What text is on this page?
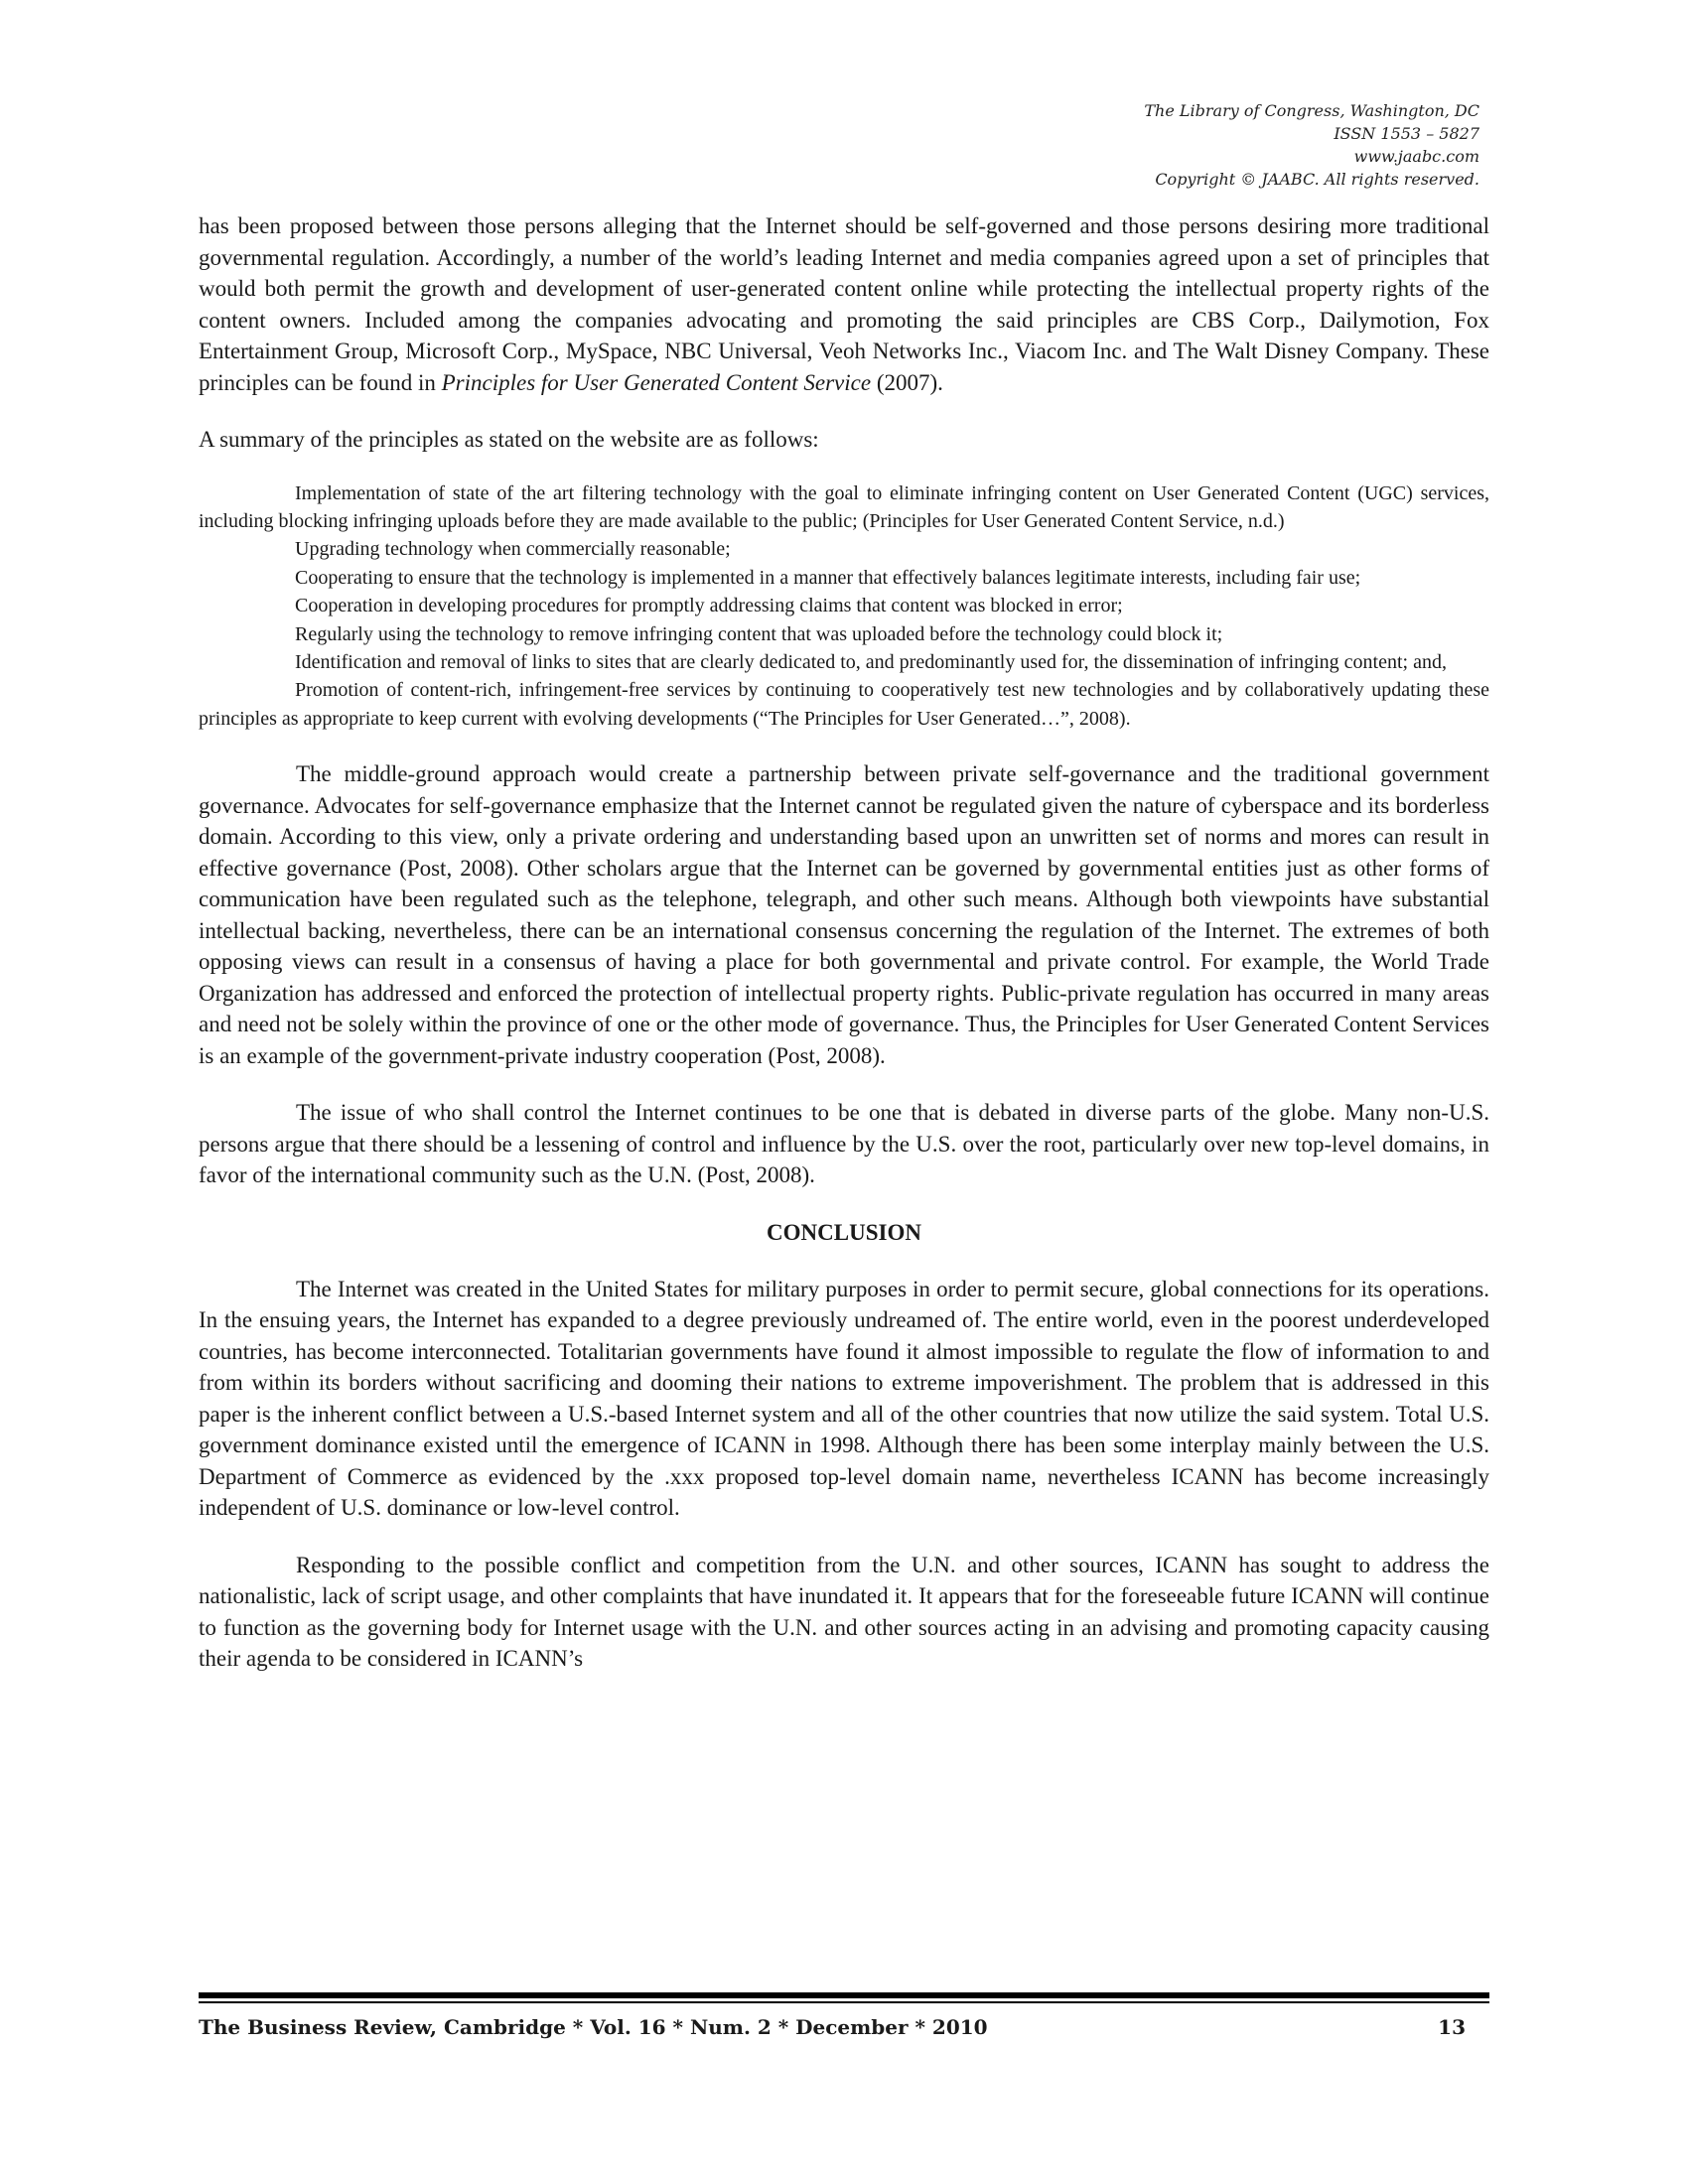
The Library of Congress, Washington, DC
ISSN 1553 – 5827
www.jaabc.com
Copyright © JAABC. All rights reserved.

has been proposed between those persons alleging that the Internet should be self-governed and those persons desiring more traditional governmental regulation. Accordingly, a number of the world’s leading Internet and media companies agreed upon a set of principles that would both permit the growth and development of user-generated content online while protecting the intellectual property rights of the content owners. Included among the companies advocating and promoting the said principles are CBS Corp., Dailymotion, Fox Entertainment Group, Microsoft Corp., MySpace, NBC Universal, Veoh Networks Inc., Viacom Inc. and The Walt Disney Company. These principles can be found in Principles for User Generated Content Service (2007).

A summary of the principles as stated on the website are as follows:

Implementation of state of the art filtering technology with the goal to eliminate infringing content on User Generated Content (UGC) services, including blocking infringing uploads before they are made available to the public; (Principles for User Generated Content Service, n.d.)

Upgrading technology when commercially reasonable;

Cooperating to ensure that the technology is implemented in a manner that effectively balances legitimate interests, including fair use;

Cooperation in developing procedures for promptly addressing claims that content was blocked in error;

Regularly using the technology to remove infringing content that was uploaded before the technology could block it;

Identification and removal of links to sites that are clearly dedicated to, and predominantly used for, the dissemination of infringing content; and,

Promotion of content-rich, infringement-free services by continuing to cooperatively test new technologies and by collaboratively updating these principles as appropriate to keep current with evolving developments (“The Principles for User Generated…”, 2008).

The middle-ground approach would create a partnership between private self-governance and the traditional government governance. Advocates for self-governance emphasize that the Internet cannot be regulated given the nature of cyberspace and its borderless domain. According to this view, only a private ordering and understanding based upon an unwritten set of norms and mores can result in effective governance (Post, 2008). Other scholars argue that the Internet can be governed by governmental entities just as other forms of communication have been regulated such as the telephone, telegraph, and other such means. Although both viewpoints have substantial intellectual backing, nevertheless, there can be an international consensus concerning the regulation of the Internet. The extremes of both opposing views can result in a consensus of having a place for both governmental and private control. For example, the World Trade Organization has addressed and enforced the protection of intellectual property rights. Public-private regulation has occurred in many areas and need not be solely within the province of one or the other mode of governance. Thus, the Principles for User Generated Content Services is an example of the government-private industry cooperation (Post, 2008).

The issue of who shall control the Internet continues to be one that is debated in diverse parts of the globe. Many non-U.S. persons argue that there should be a lessening of control and influence by the U.S. over the root, particularly over new top-level domains, in favor of the international community such as the U.N. (Post, 2008).

CONCLUSION

The Internet was created in the United States for military purposes in order to permit secure, global connections for its operations. In the ensuing years, the Internet has expanded to a degree previously undreamed of. The entire world, even in the poorest underdeveloped countries, has become interconnected. Totalitarian governments have found it almost impossible to regulate the flow of information to and from within its borders without sacrificing and dooming their nations to extreme impoverishment. The problem that is addressed in this paper is the inherent conflict between a U.S.-based Internet system and all of the other countries that now utilize the said system. Total U.S. government dominance existed until the emergence of ICANN in 1998. Although there has been some interplay mainly between the U.S. Department of Commerce as evidenced by the .xxx proposed top-level domain name, nevertheless ICANN has become increasingly independent of U.S. dominance or low-level control.

Responding to the possible conflict and competition from the U.N. and other sources, ICANN has sought to address the nationalistic, lack of script usage, and other complaints that have inundated it. It appears that for the foreseeable future ICANN will continue to function as the governing body for Internet usage with the U.N. and other sources acting in an advising and promoting capacity causing their agenda to be considered in ICANN’s

The Business Review, Cambridge * Vol. 16 * Num. 2 * December * 2010	13
